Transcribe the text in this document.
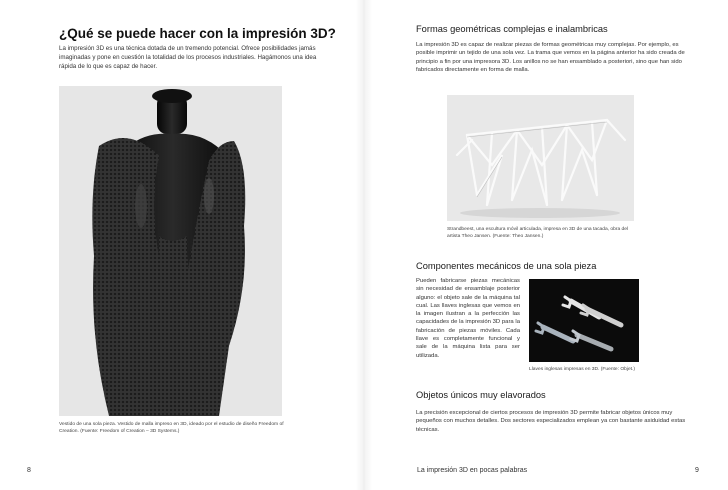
¿Qué se puede hacer con la impresión 3D?

La impresión 3D es una técnica dotada de un tremendo potencial. Ofrece posibilidades jamás imaginadas y pone en cuestión la totalidad de los procesos industriales. Hagámonos una idea rápida de lo que es capaz de hacer.

Vestido de una sola pieza. Vestido de malla impreso en 3D, ideado por el estudio de diseño Freedom of Creation. (Fuente: Freedom of Creation – 3D Systems.)

8
Formas geométricas complejas e inalambricas

La impresión 3D es capaz de realizar piezas de formas geométricas muy complejas. Por ejemplo, es posible imprimir un tejido de una sola vez. La trama que vemos en la página anterior ha sido creada de principio a fin por una impresora 3D. Los anillos no se han ensamblado a posteriori, sino que han sido fabricados directamente en forma de malla.

Strandbeest, una escultura móvil articulada, impresa en 3D de una tacada, obra del artista Theo Jansen. (Fuente: Theo Jansen.)

Componentes mecánicos de una sola pieza

Pueden fabricarse piezas mecánicas sin necesidad de ensamblaje posterior alguno: el objeto sale de la máquina tal cual. Las llaves inglesas que vemos en la imagen ilustran a la perfección las capacidades de la impresión 3D para la fabricación de piezas móviles. Cada llave es completamente funcional y sale de la máquina lista para ser utilizada.

Llaves inglesas impresas en 3D. (Fuente: Objet.)

Objetos únicos muy elavorados

La precisión excepcional de ciertos procesos de impresión 3D permite fabricar objetos únicos muy pequeños con muchos detalles. Dos sectores especializados emplean ya con bastante asiduidad estas técnicas.

La impresión 3D en pocas palabras	9
